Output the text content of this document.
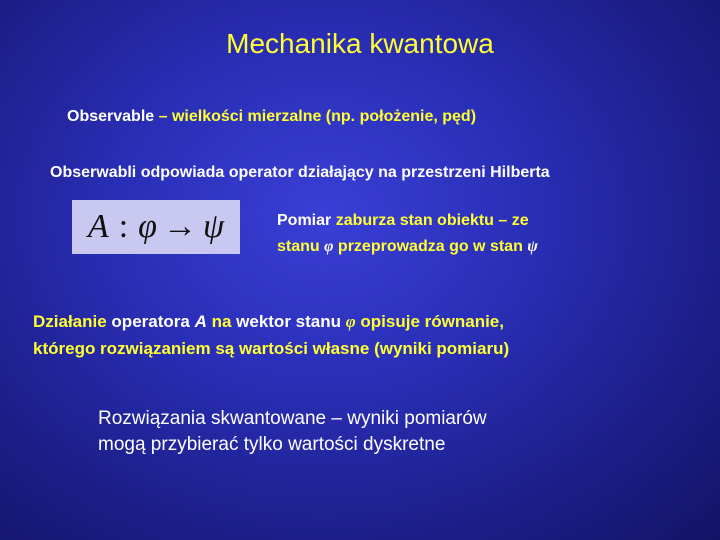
Mechanika kwantowa

Observable – wielkości mierzalne (np. położenie, pęd)

Obserwabli odpowiada operator działający na przestrzeni Hilberta

A : φ → ψ	Pomiar zaburza stan obiektu – ze
stanu φ przeprowadza go w stan ψ

Działanie operatora A na wektor stanu φ opisuje równanie,
którego rozwiązaniem są wartości własne (wyniki pomiaru)

Rozwiązania skwantowane – wyniki pomiarów
mogą przybierać tylko wartości dyskretne
